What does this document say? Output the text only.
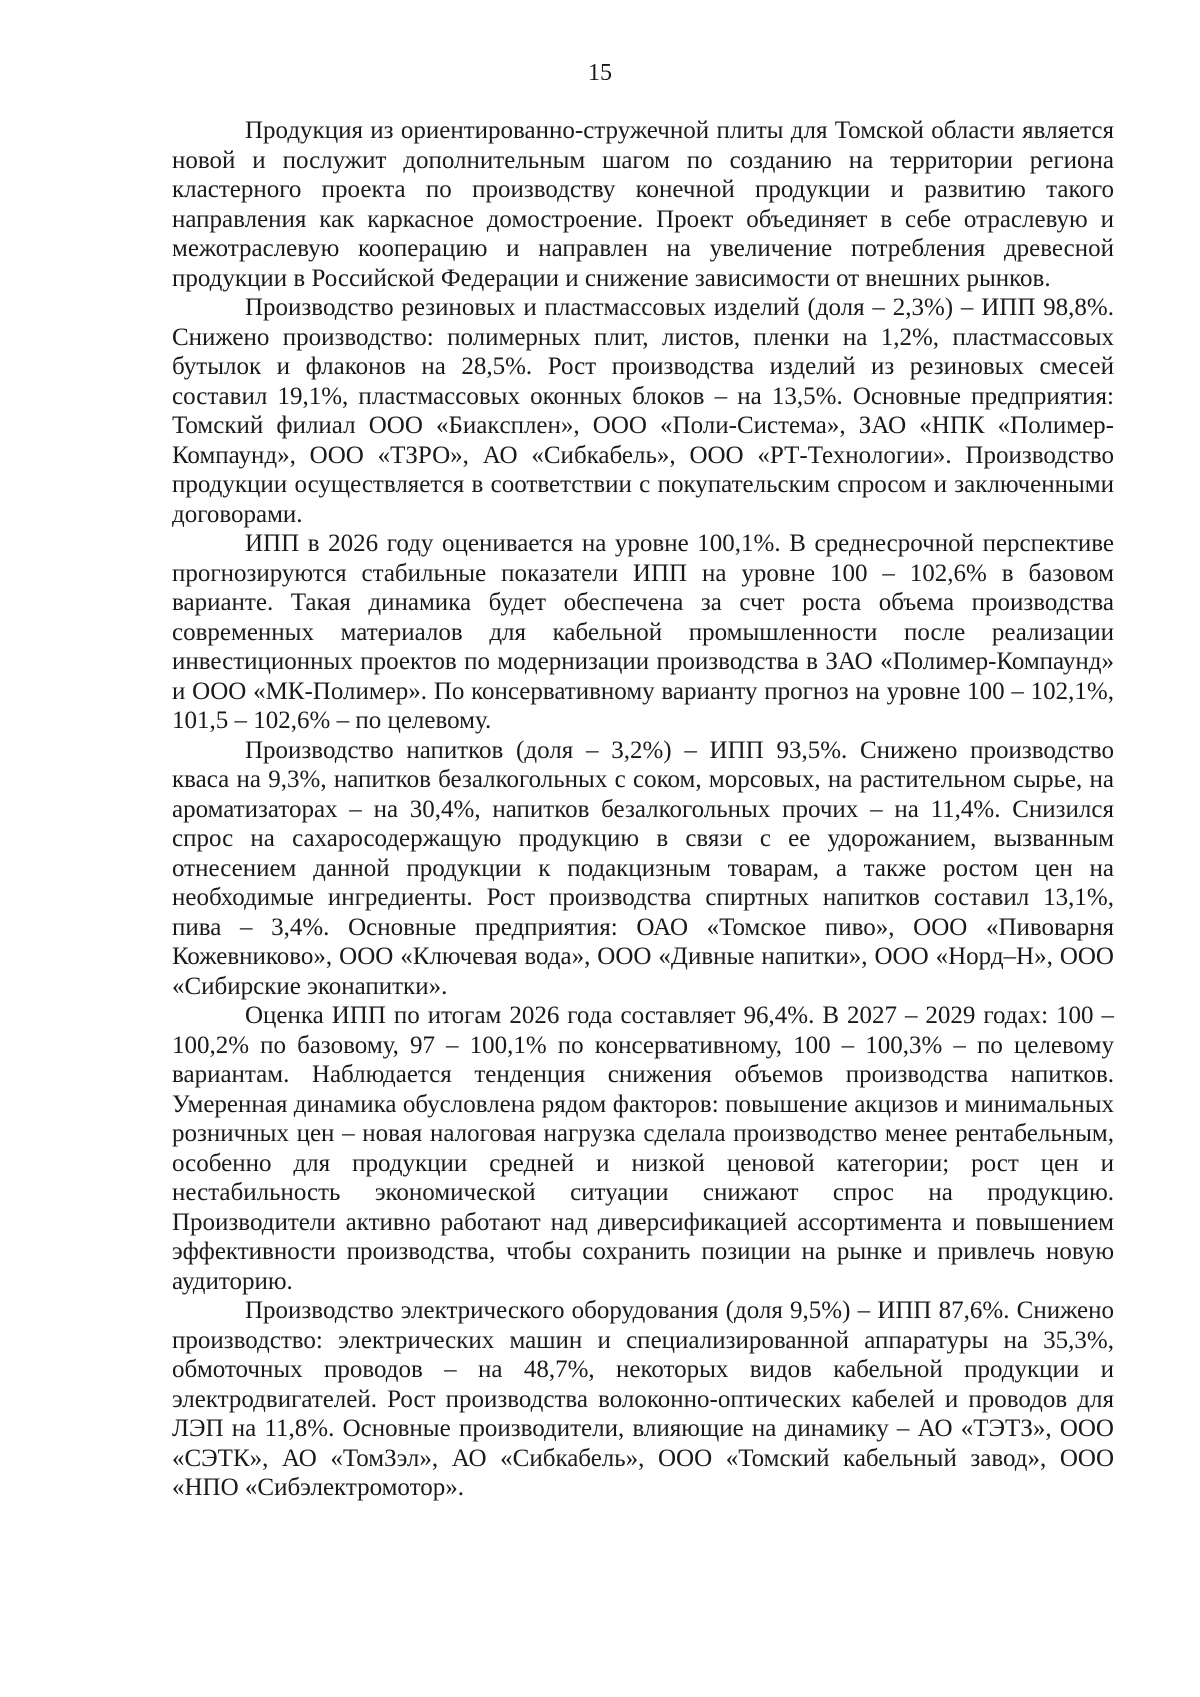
15

Продукция из ориентированно-стружечной плиты для Томской области является новой и послужит дополнительным шагом по созданию на территории региона кластерного проекта по производству конечной продукции и развитию такого направления как каркасное домостроение. Проект объединяет в себе отраслевую и межотраслевую кооперацию и направлен на увеличение потребления древесной продукции в Российской Федерации и снижение зависимости от внешних рынков.

Производство резиновых и пластмассовых изделий (доля – 2,3%) – ИПП 98,8%. Снижено производство: полимерных плит, листов, пленки на 1,2%, пластмассовых бутылок и флаконов на 28,5%. Рост производства изделий из резиновых смесей составил 19,1%, пластмассовых оконных блоков – на 13,5%. Основные предприятия: Томский филиал ООО «Биакcплен», ООО «Поли-Система», ЗАО «НПК «Полимер-Компаунд», ООО «ТЗРО», АО «Сибкабель», ООО «РТ-Технологии». Производство продукции осуществляется в соответствии с покупательским спросом и заключенными договорами.

ИПП в 2026 году оценивается на уровне 100,1%. В среднесрочной перспективе прогнозируются стабильные показатели ИПП на уровне 100 – 102,6% в базовом варианте. Такая динамика будет обеспечена за счет роста объема производства современных материалов для кабельной промышленности после реализации инвестиционных проектов по модернизации производства в ЗАО «Полимер-Компаунд» и ООО «МК-Полимер». По консервативному варианту прогноз на уровне 100 – 102,1%, 101,5 – 102,6% – по целевому.

Производство напитков (доля – 3,2%) – ИПП 93,5%. Снижено производство кваса на 9,3%, напитков безалкогольных с соком, морсовых, на растительном сырье, на ароматизаторах – на 30,4%, напитков безалкогольных прочих – на 11,4%. Снизился спрос на сахаросодержащую продукцию в связи с ее удорожанием, вызванным отнесением данной продукции к подакцизным товарам, а также ростом цен на необходимые ингредиенты. Рост производства спиртных напитков составил 13,1%, пива – 3,4%. Основные предприятия: ОАО «Томское пиво», ООО «Пивоварня Кожевниково», ООО «Ключевая вода», ООО «Дивные напитки», ООО «Норд–Н», ООО «Сибирские эконапитки».

Оценка ИПП по итогам 2026 года составляет 96,4%. В 2027 – 2029 годах: 100 – 100,2% по базовому, 97 – 100,1% по консервативному, 100 – 100,3% – по целевому вариантам. Наблюдается тенденция снижения объемов производства напитков. Умеренная динамика обусловлена рядом факторов: повышение акцизов и минимальных розничных цен – новая налоговая нагрузка сделала производство менее рентабельным, особенно для продукции средней и низкой ценовой категории; рост цен и нестабильность экономической ситуации снижают спрос на продукцию. Производители активно работают над диверсификацией ассортимента и повышением эффективности производства, чтобы сохранить позиции на рынке и привлечь новую аудиторию.

Производство электрического оборудования (доля 9,5%) – ИПП 87,6%. Снижено производство: электрических машин и специализированной аппаратуры на 35,3%, обмоточных проводов – на 48,7%, некоторых видов кабельной продукции и электродвигателей. Рост производства волоконно-оптических кабелей и проводов для ЛЭП на 11,8%. Основные производители, влияющие на динамику – АО «ТЭТЗ», ООО «СЭТК», АО «ТомЗэл», АО «Сибкабель», ООО «Томский кабельный завод», ООО «НПО «Сибэлектромотор».
